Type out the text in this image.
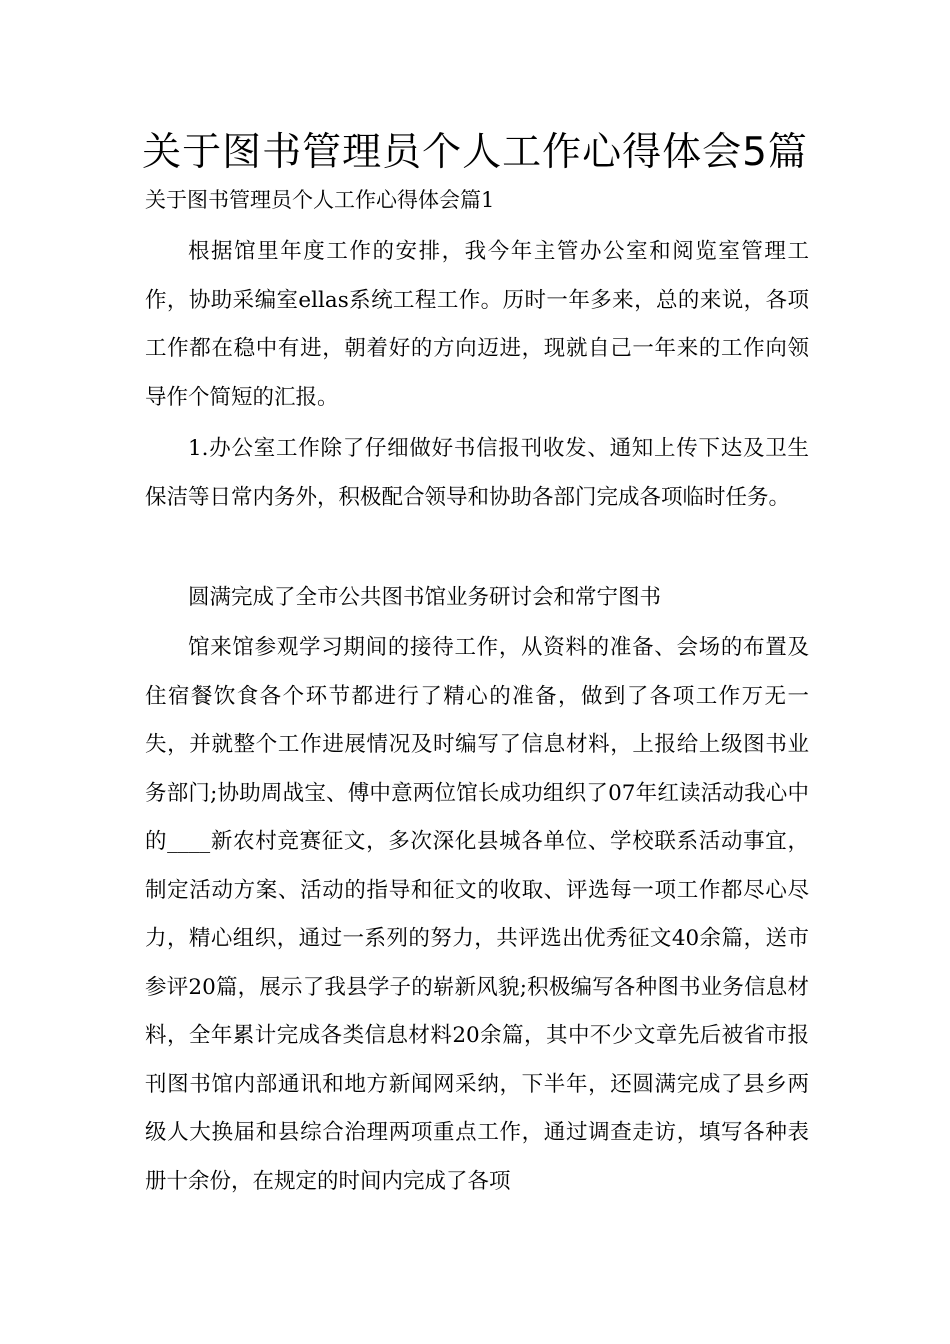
关于图书管理员个人工作心得体会5篇

关于图书管理员个人工作心得体会篇1

根据馆里年度工作的安排，我今年主管办公室和阅览室管理工作，协助采编室ellas系统工程工作。历时一年多来，总的来说，各项工作都在稳中有进，朝着好的方向迈进，现就自己一年来的工作向领导作个简短的汇报。

1.办公室工作除了仔细做好书信报刊收发、通知上传下达及卫生保洁等日常内务外，积极配合领导和协助各部门完成各项临时任务。

圆满完成了全市公共图书馆业务研讨会和常宁图书

馆来馆参观学习期间的接待工作，从资料的准备、会场的布置及住宿餐饮食各个环节都进行了精心的准备，做到了各项工作万无一失，并就整个工作进展情况及时编写了信息材料，上报给上级图书业务部门;协助周战宝、傅中意两位馆长成功组织了07年红读活动我心中的____新农村竞赛征文，多次深化县城各单位、学校联系活动事宜，制定活动方案、活动的指导和征文的收取、评选每一项工作都尽心尽力，精心组织，通过一系列的努力，共评选出优秀征文40余篇，送市参评20篇，展示了我县学子的崭新风貌;积极编写各种图书业务信息材料，全年累计完成各类信息材料20余篇，其中不少文章先后被省市报刊图书馆内部通讯和地方新闻网采纳，下半年，还圆满完成了县乡两级人大换届和县综合治理两项重点工作，通过调查走访，填写各种表册十余份，在规定的时间内完成了各项
